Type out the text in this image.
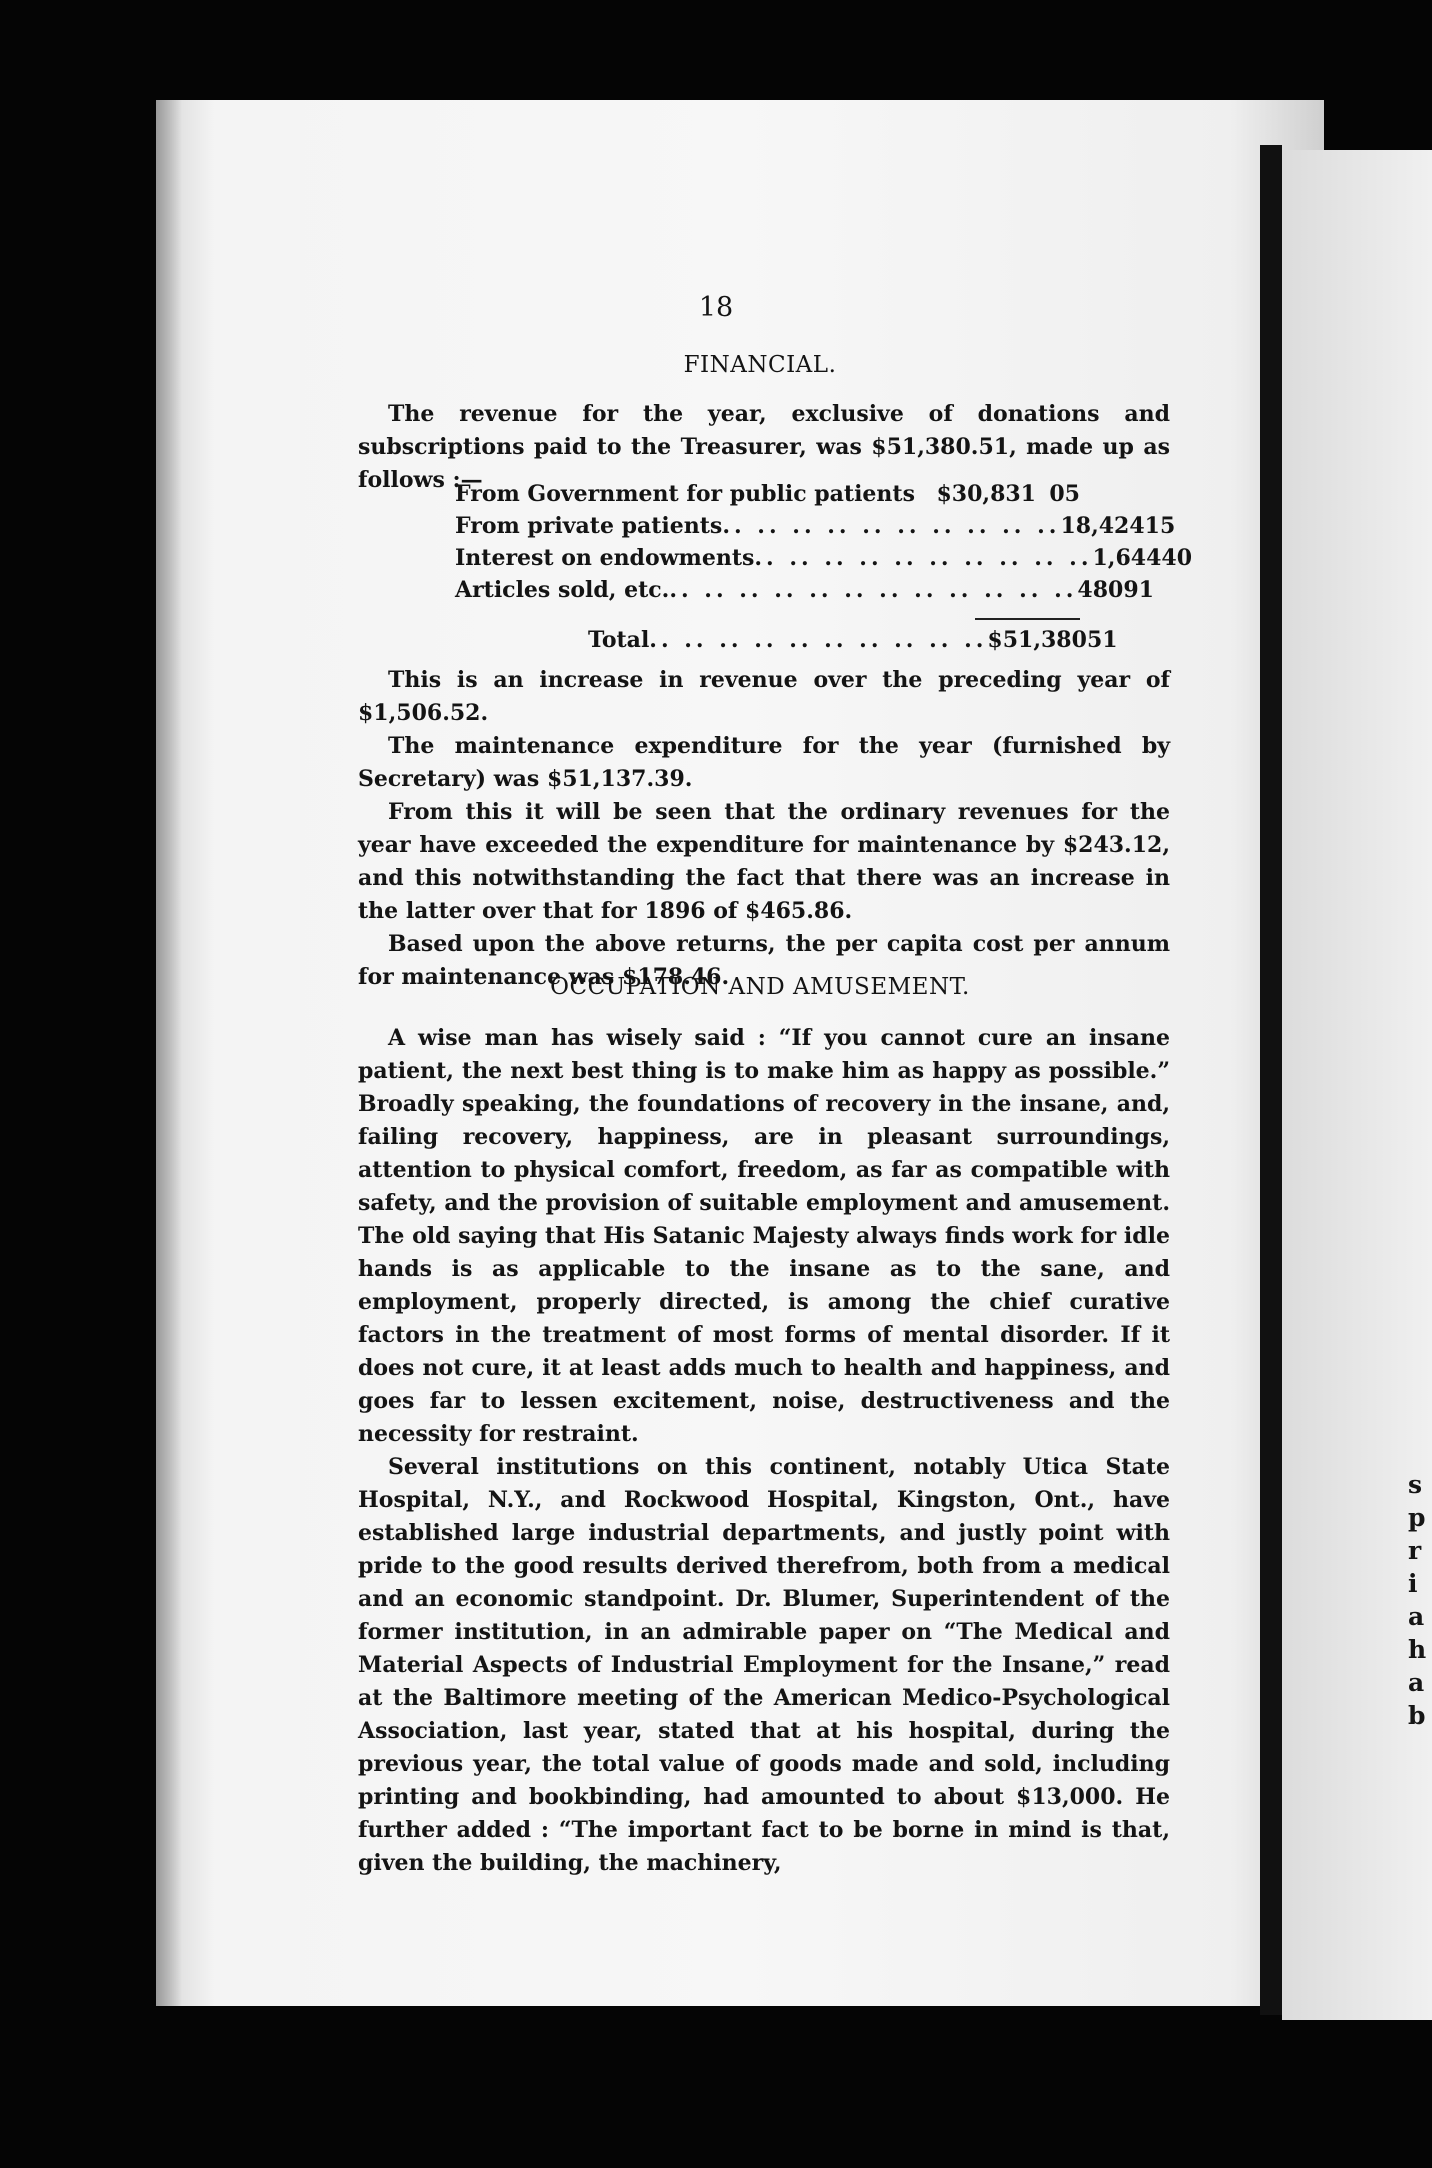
s
p
r
i
a
h
a
b
18
FINANCIAL.

The revenue for the year, exclusive of donations and subscriptions paid to the Treasurer, was $51,380.51, made up as follows :—

From Government for public patients $30,831 05
From private patients .. .. .. .. .. .. .. .. .. .. 18,424 15
Interest on endowments .. .. .. .. .. .. .. .. .. .. 1,644 40
Articles sold, etc. .. .. .. .. .. .. .. .. .. .. .. .. 480 91
Total .. .. .. .. .. .. .. .. .. .. $51,380 51

This is an increase in revenue over the preceding year of $1,506.52.

The maintenance expenditure for the year (furnished by Secretary) was $51,137.39.

From this it will be seen that the ordinary revenues for the year have exceeded the expenditure for maintenance by $243.12, and this notwithstanding the fact that there was an increase in the latter over that for 1896 of $465.86.

Based upon the above returns, the per capita cost per annum for maintenance was $178.46.

OCCUPATION AND AMUSEMENT.

A wise man has wisely said : “If you cannot cure an insane patient, the next best thing is to make him as happy as possible.” Broadly speaking, the foundations of recovery in the insane, and, failing recovery, happiness, are in pleasant surroundings, attention to physical comfort, freedom, as far as compatible with safety, and the provision of suitable employment and amusement. The old saying that His Satanic Majesty always finds work for idle hands is as applicable to the insane as to the sane, and employment, properly directed, is among the chief curative factors in the treatment of most forms of mental disorder. If it does not cure, it at least adds much to health and happiness, and goes far to lessen excitement, noise, destructiveness and the necessity for restraint.

Several institutions on this continent, notably Utica State Hospital, N.Y., and Rockwood Hospital, Kingston, Ont., have established large industrial departments, and justly point with pride to the good results derived therefrom, both from a medical and an economic standpoint. Dr. Blumer, Superintendent of the former institution, in an admirable paper on “The Medical and Material Aspects of Industrial Employment for the Insane,” read at the Baltimore meeting of the American Medico-Psychological Association, last year, stated that at his hospital, during the previous year, the total value of goods made and sold, including printing and bookbinding, had amounted to about $13,000. He further added : “The important fact to be borne in mind is that, given the building, the machinery,
